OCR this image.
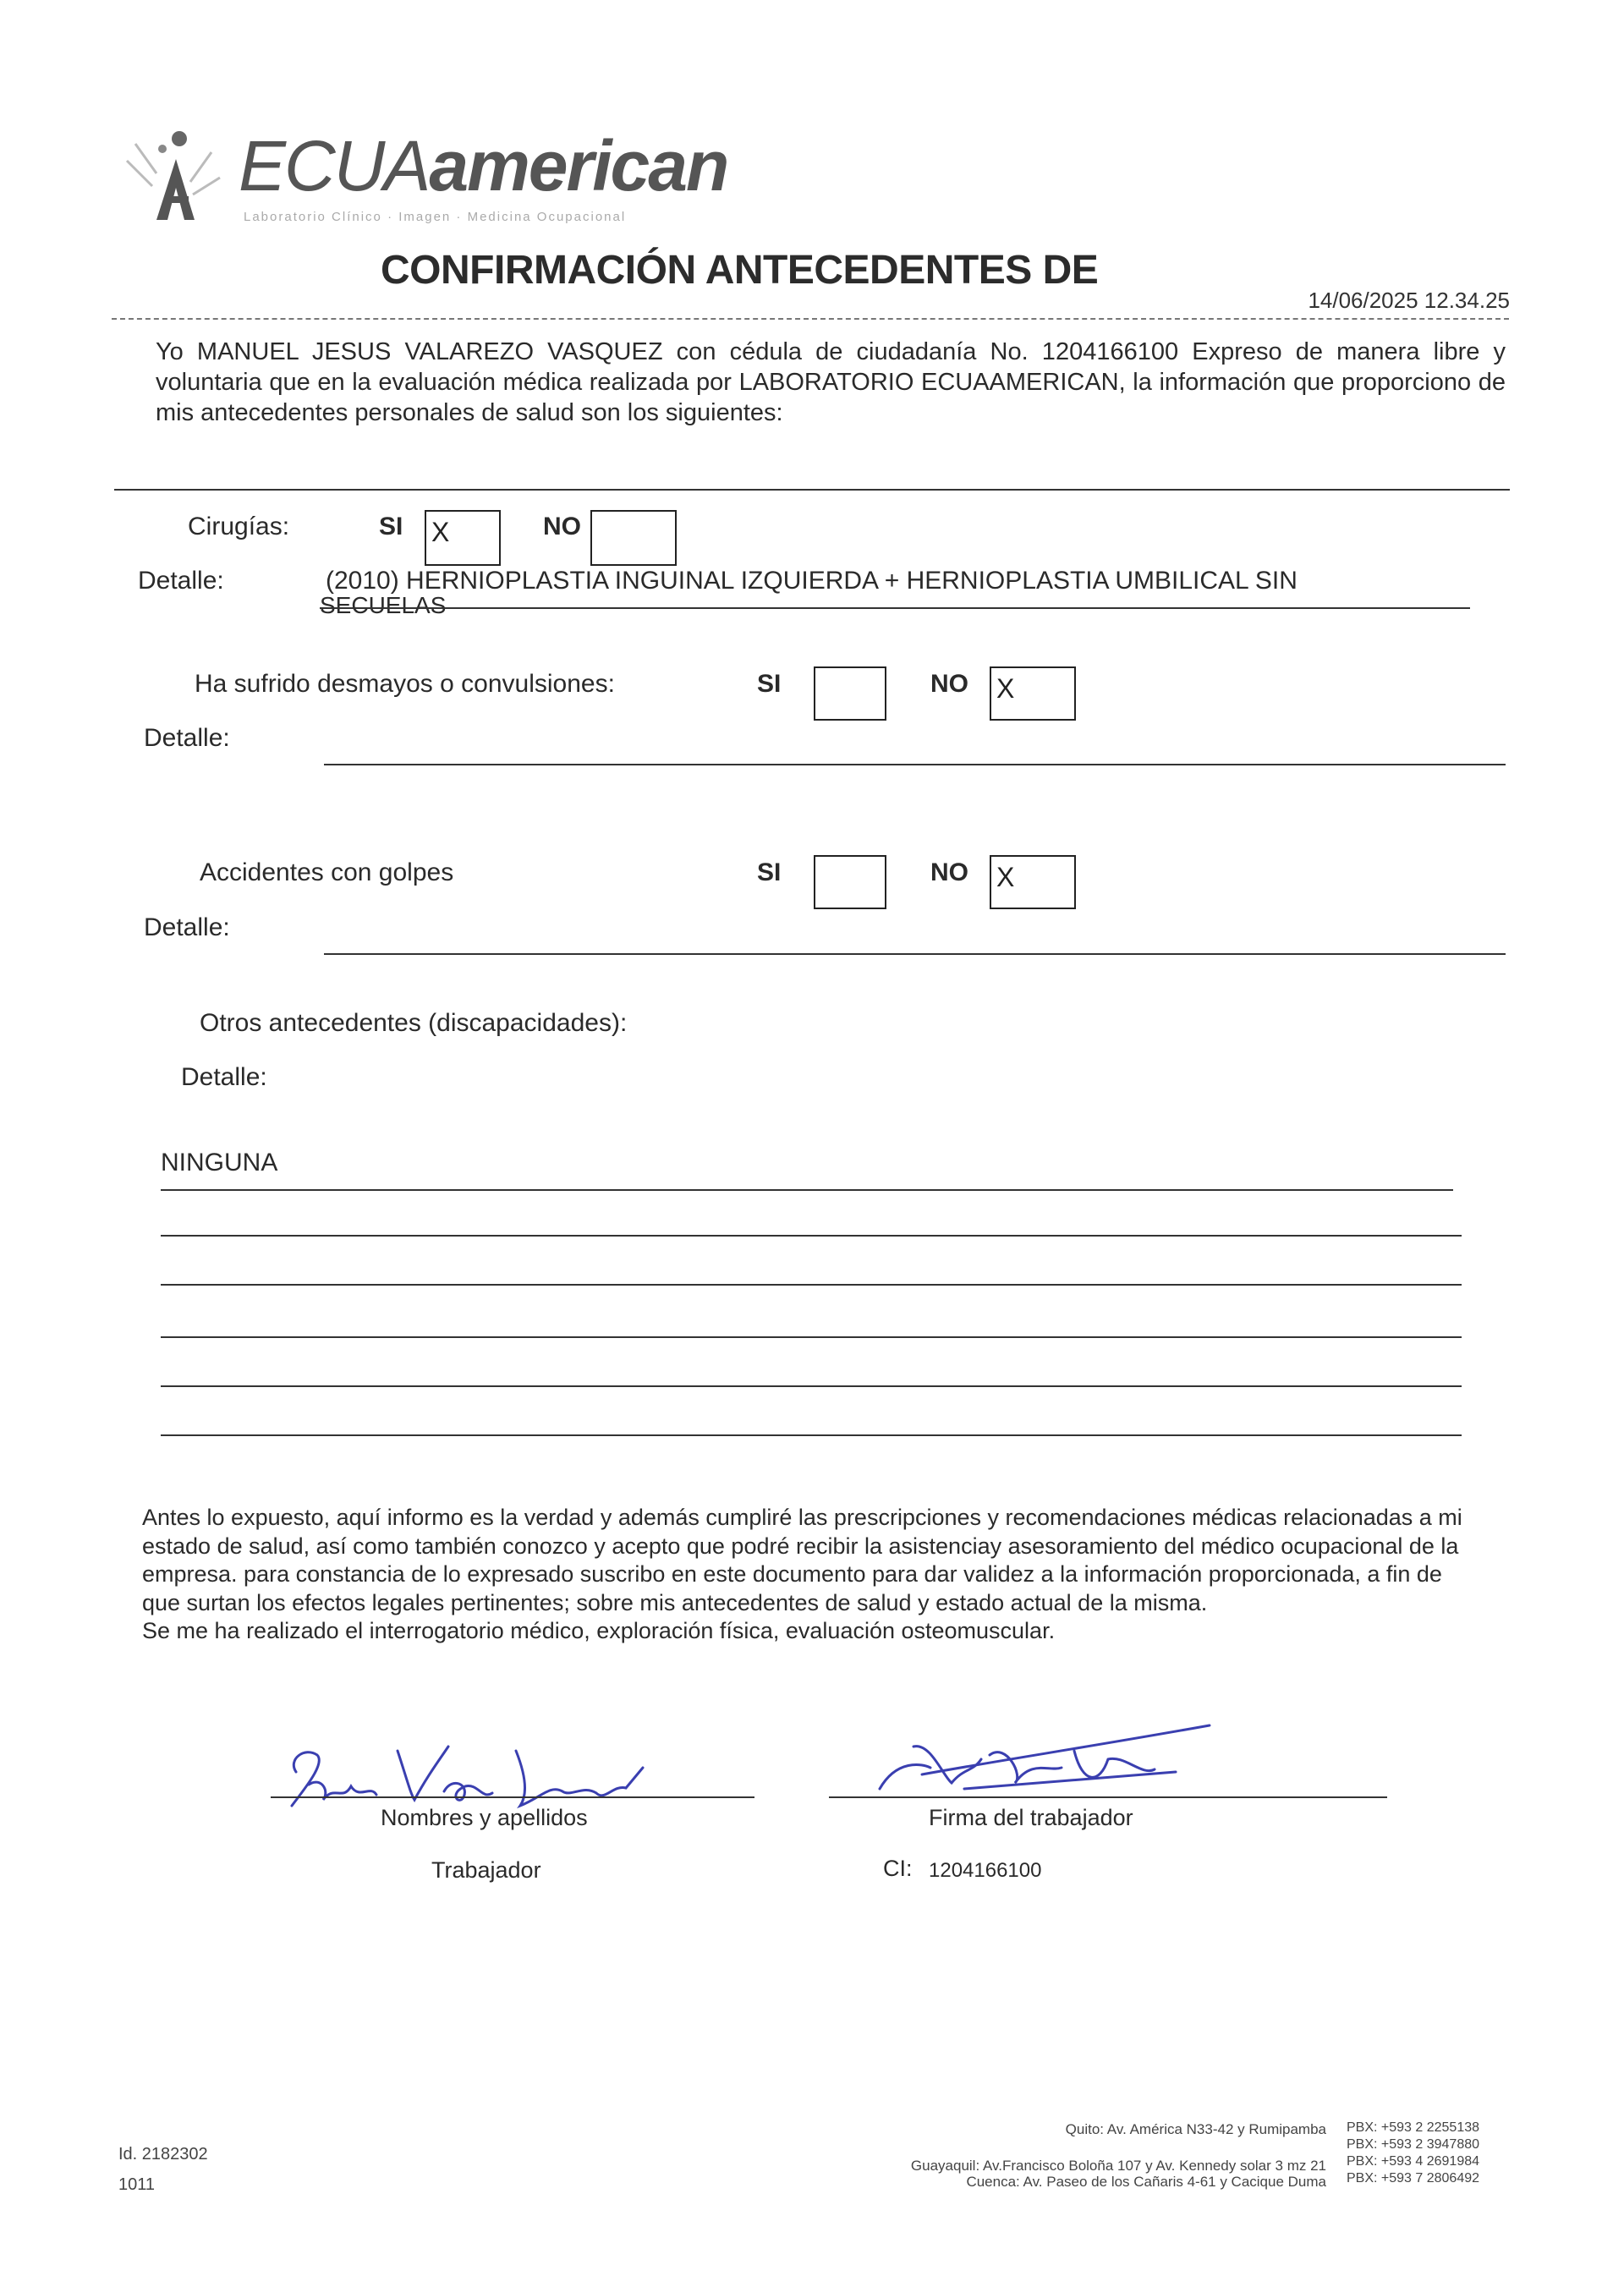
ECUAamerican
Laboratorio Clínico · Imagen · Medicina Ocupacional
CONFIRMACIÓN ANTECEDENTES DE
14/06/2025 12.34.25
Yo MANUEL JESUS VALAREZO VASQUEZ con cédula de ciudadanía No. 1204166100 Expreso de manera libre y voluntaria que en la evaluación médica realizada por LABORATORIO ECUAAMERICAN, la información que proporciono de mis antecedentes personales de salud son los siguientes:
Cirugías:	SI X	NO
Detalle:	(2010) HERNIOPLASTIA INGUINAL IZQUIERDA + HERNIOPLASTIA UMBILICAL SIN
SECUELAS
Ha sufrido desmayos o convulsiones:	SI	NO X
Detalle:
Accidentes con golpes	SI	NO X
Detalle:
Otros antecedentes (discapacidades):
Detalle:
NINGUNA

Antes lo expuesto, aquí informo es la verdad y además cumpliré las prescripciones y recomendaciones médicas relacionadas a mi estado de salud, así como también conozco y acepto que podré recibir la asistenciay asesoramiento del médico ocupacional de la empresa. para constancia de lo expresado suscribo en este documento para dar validez a la información proporcionada, a fin de que surtan los efectos legales pertinentes; sobre mis antecedentes de salud y estado actual de la misma.

Se me ha realizado el interrogatorio médico, exploración física, evaluación osteomuscular.

Nombres y apellidos
Trabajador
Firma del trabajador
CI: 1204166100
Id. 2182302
1011
Quito: Av. América N33-42 y Rumipamba
Guayaquil: Av.Francisco Boloña 107 y Av. Kennedy solar 3 mz 21
Cuenca: Av. Paseo de los Cañaris 4-61 y Cacique Duma
PBX: +593 2 2255138
PBX: +593 2 3947880
PBX: +593 4 2691984
PBX: +593 7 2806492
